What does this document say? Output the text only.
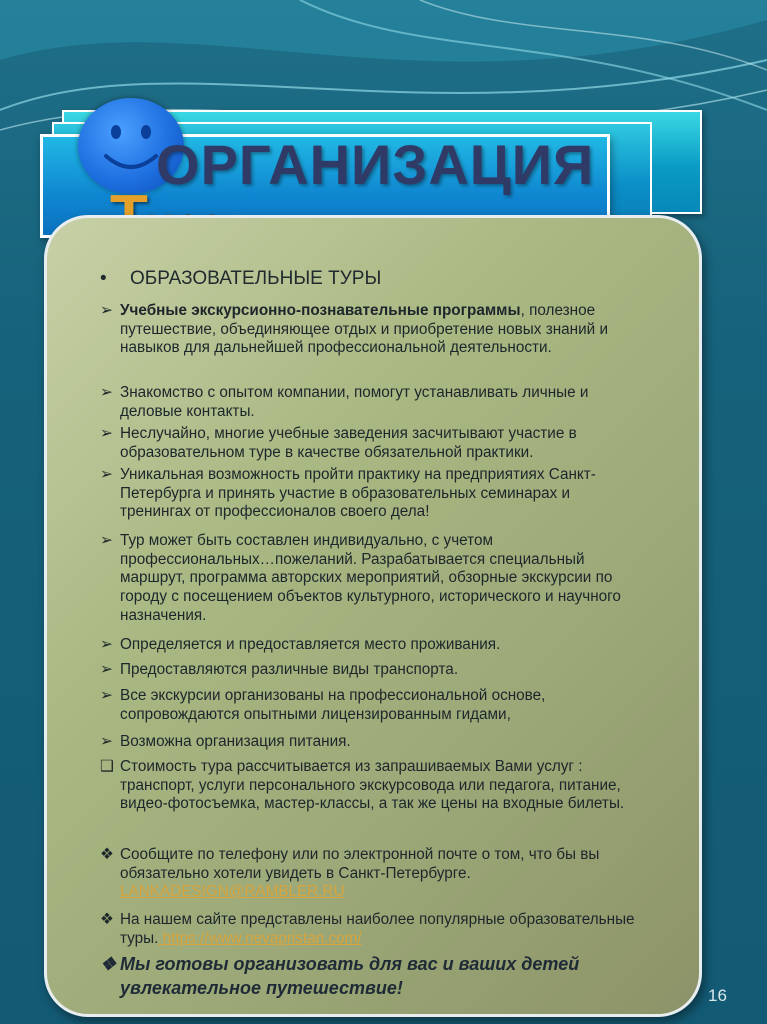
ОРГАНИЗАЦИЯ
• ОБРАЗОВАТЕЛЬНЫЕ ТУРЫ
➢ Учебные экскурсионно-познавательные программы, полезное путешествие, объединяющее отдых и приобретение новых знаний и навыков для дальнейшей профессиональной деятельности.
➢ Знакомство с опытом компании, помогут устанавливать личные и деловые контакты.
➢ Неслучайно, многие учебные заведения засчитывают участие в образовательном туре в качестве обязательной практики.
➢ Уникальная возможность пройти практику на предприятиях Санкт-Петербурга и принять участие в образовательных семинарах и тренингах от профессионалов своего дела!
➢ Тур может быть составлен индивидуально, с учетом профессиональных…пожеланий. Разрабатывается специальный маршрут, программа авторских мероприятий, обзорные экскурсии по городу с посещением объектов культурного, исторического и научного назначения.
➢ Определяется и предоставляется место проживания.
➢ Предоставляются различные виды транспорта.
➢ Все экскурсии организованы на профессиональной основе, сопровождаются опытными лицензированным гидами,
➢ Возможна организация питания.
❑ Стоимость тура рассчитывается из запрашиваемых Вами услуг : транспорт, услуги персонального экскурсовода или педагога, питание, видео-фотосъемка, мастер-классы, а так же цены на входные билеты.
❖ Сообщите по телефону или по электронной почте о том, что бы вы обязательно хотели увидеть в Санкт-Петербурге.
LANKADESIGN@RAMBLER.RU
❖ На нашем сайте представлены наиболее популярные образовательные туры. https://www.nevapristan.com/
❖ Мы готовы организовать для вас и ваших детей увлекательное путешествие!	16
